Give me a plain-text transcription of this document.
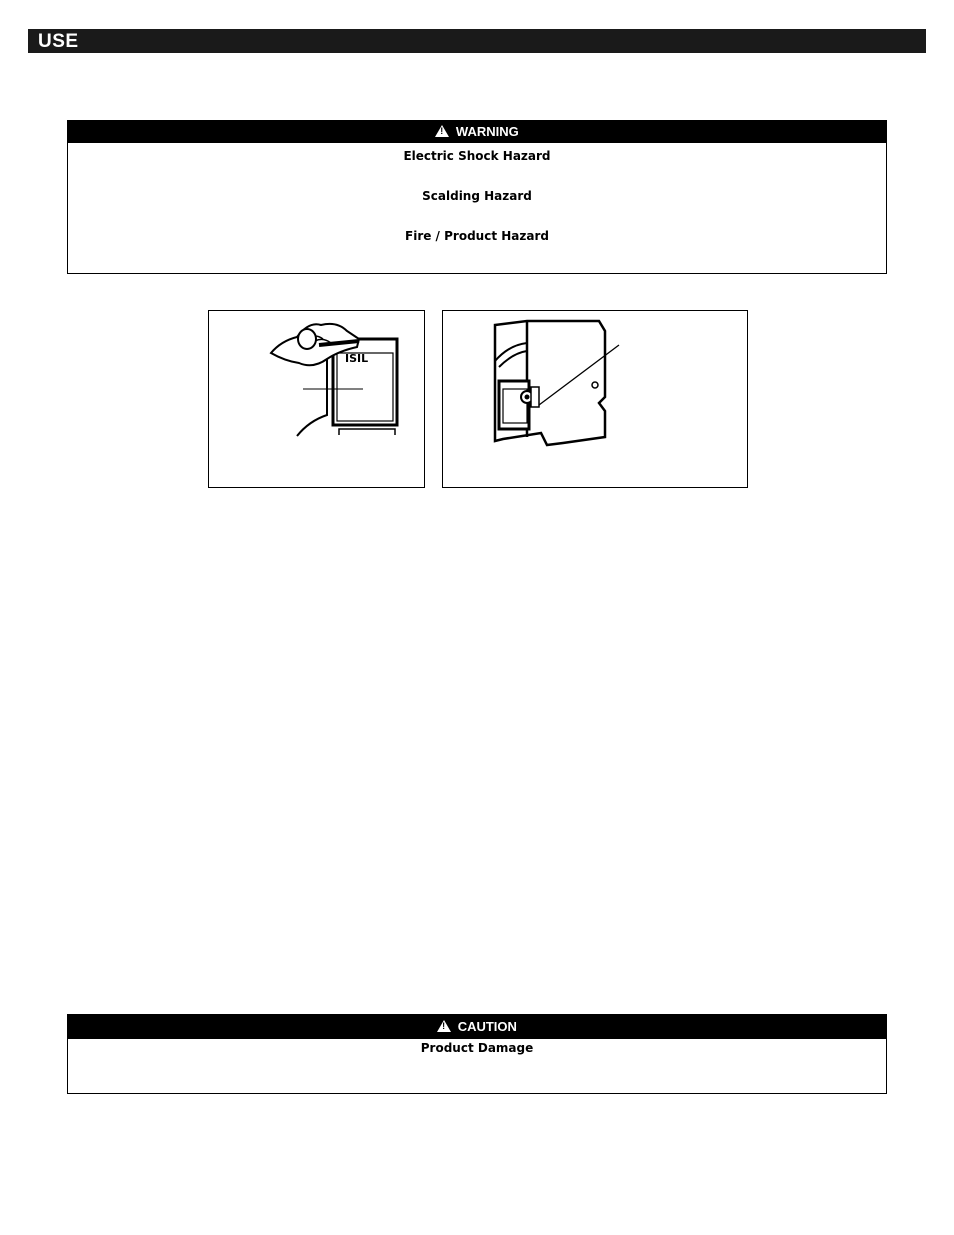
USE
! WARNING
Electric Shock Hazard
Scalding Hazard
Fire / Product Hazard
ISIL
! CAUTION
Product Damage
